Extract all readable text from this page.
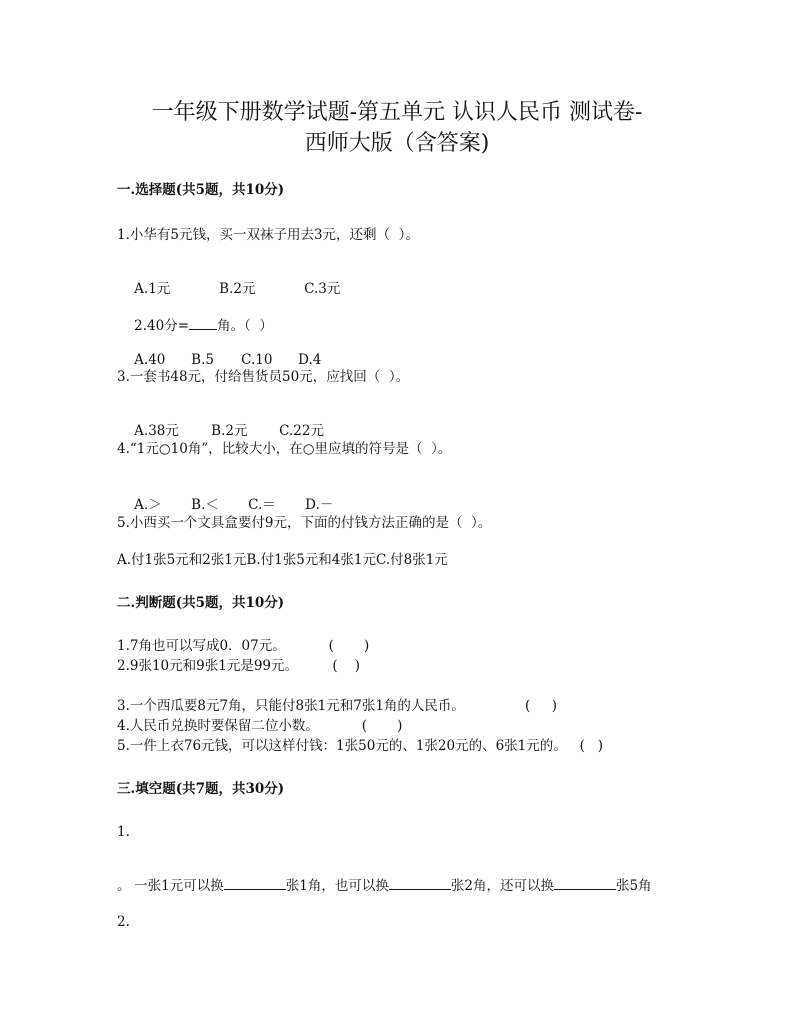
一年级下册数学试题-第五单元 认识人民币 测试卷-
西师大版（含答案)
一.选择题(共5题，共10分)
1.小华有5元钱，买一双袜子用去3元，还剩（  ）。

A.1元	B.2元	C.3元

2.40分= 角。（  ）

A.40 B.5 C.10 D.4

3.一套书48元，付给售货员50元，应找回（  ）。

A.38元 B.2元 C.22元

4.“1元○10角”，比较大小，在○里应填的符号是（  ）。

A.＞ B.＜ C.＝ D.－

5.小西买一个文具盒要付9元，下面的付钱方法正确的是（  ）。
A.付1张5元和2张1元B.付1张5元和4张1元C.付8张1元
二.判断题(共5题，共10分)
1.7角也可以写成0．07元。          (       )
2.9张10元和9张1元是99元。        (    )
3.一个西瓜要8元7角，只能付8张1元和7张1角的人民币。              (     )
4.人民币兑换时要保留二位小数。          (       )
5.一件上衣76元钱，可以这样付钱：1张50元的、1张20元的、6张1元的。   (   )
三.填空题(共7题，共30分)
1.

一张1元可以换	张1角，也可以换	张2角，还可以换	张5角

。
2.
